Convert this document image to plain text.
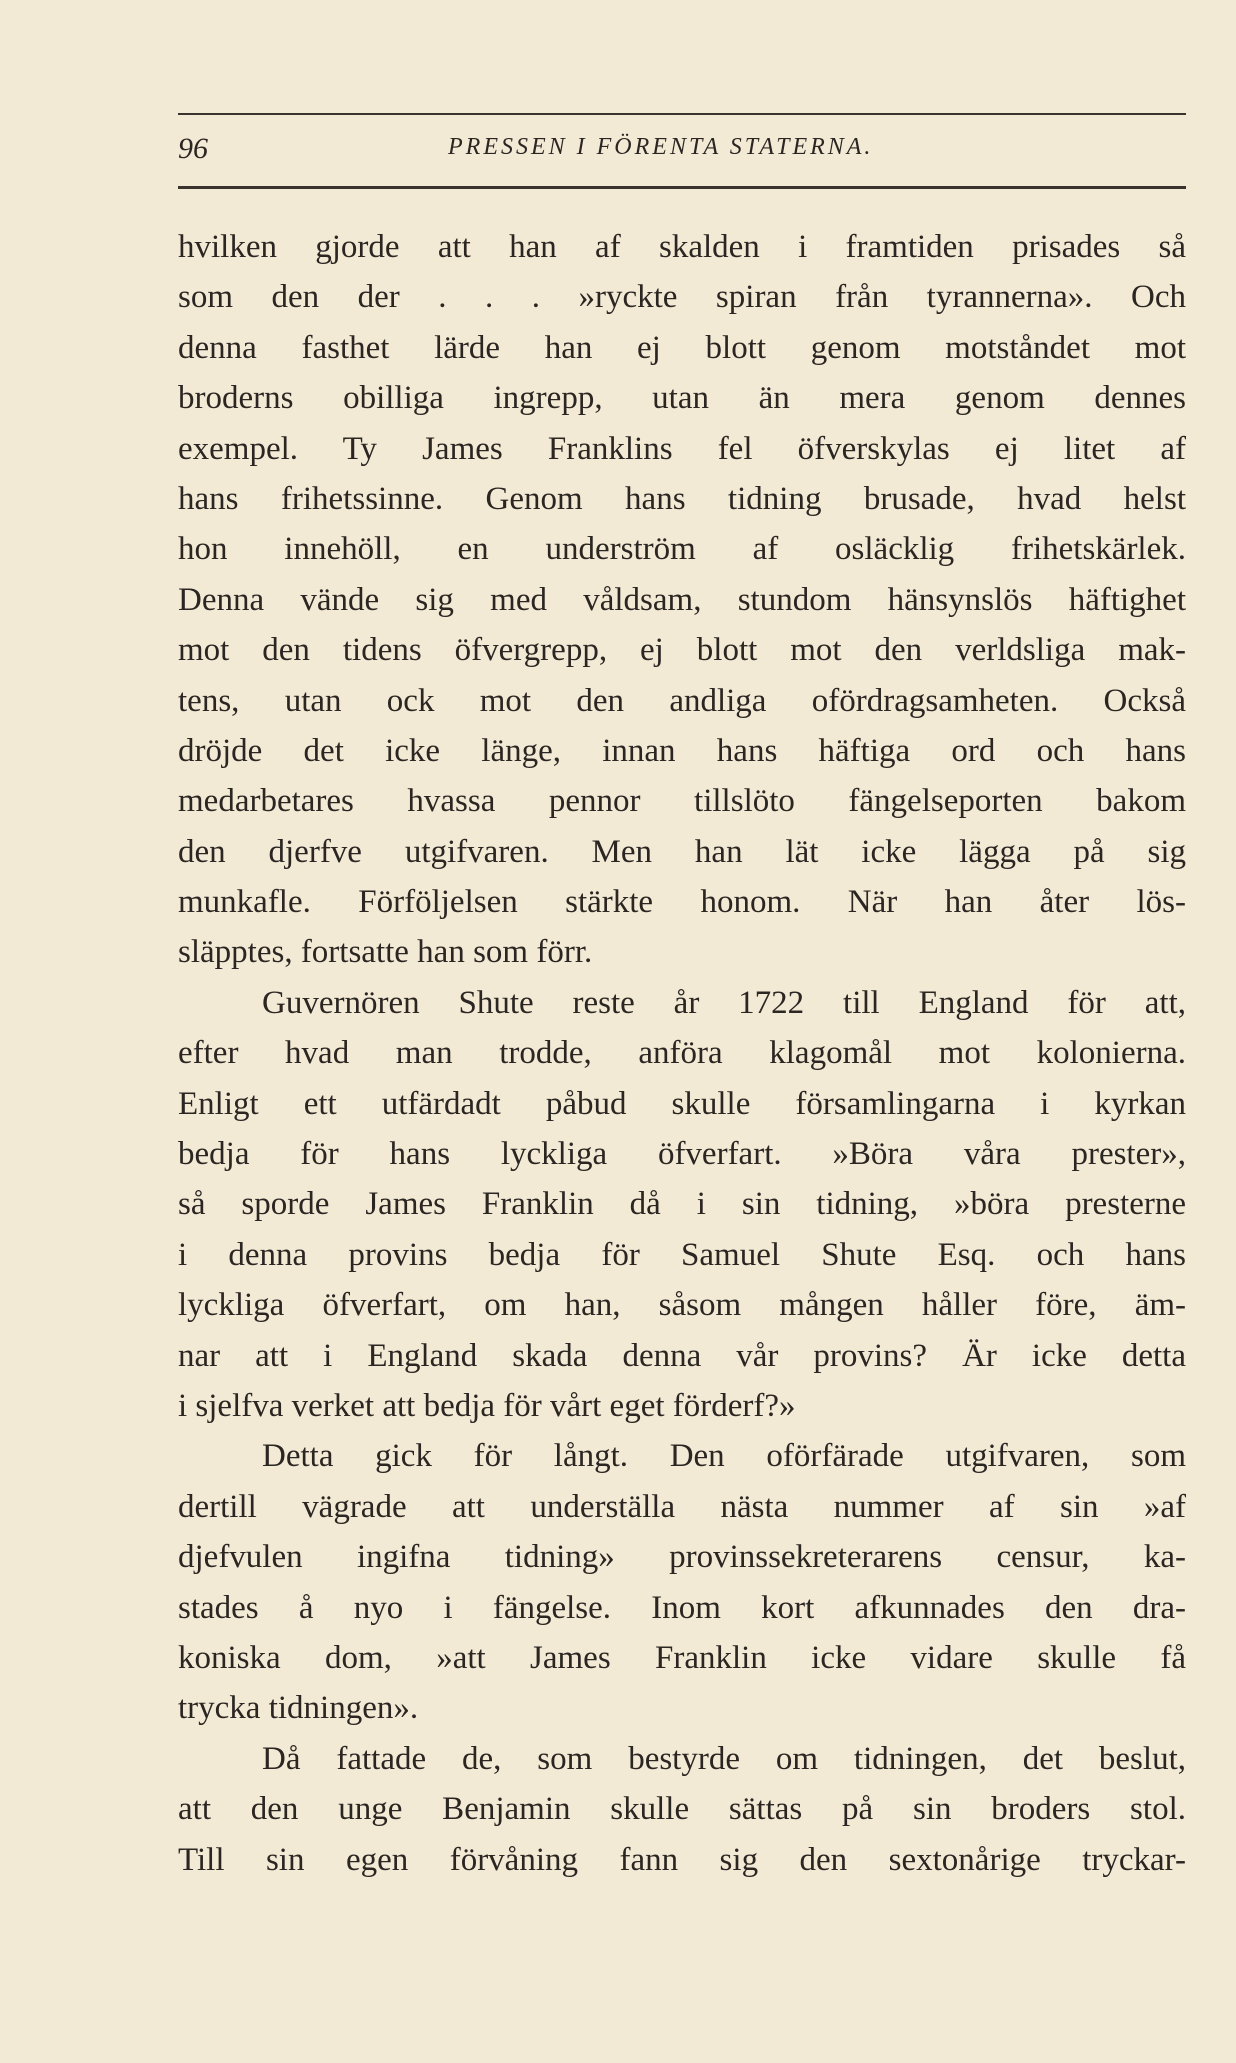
96	PRESSEN I FÖRENTA STATERNA.
hvilken gjorde att han af skalden i framtiden prisades så
som den der . . . »ryckte spiran från tyrannerna». Och
denna fasthet lärde han ej blott genom motståndet mot
broderns obilliga ingrepp, utan än mera genom dennes
exempel. Ty James Franklins fel öfverskylas ej litet af
hans frihetssinne. Genom hans tidning brusade, hvad helst
hon innehöll, en underström af osläcklig frihetskärlek.
Denna vände sig med våldsam, stundom hänsynslös häftighet
mot den tidens öfvergrepp, ej blott mot den verldsliga mak-
tens, utan ock mot den andliga ofördragsamheten. Också
dröjde det icke länge, innan hans häftiga ord och hans
medarbetares hvassa pennor tillslöto fängelseporten bakom
den djerfve utgifvaren. Men han lät icke lägga på sig
munkafle. Förföljelsen stärkte honom. När han åter lös-
släpptes, fortsatte han som förr.
Guvernören Shute reste år 1722 till England för att,
efter hvad man trodde, anföra klagomål mot kolonierna.
Enligt ett utfärdadt påbud skulle församlingarna i kyrkan
bedja för hans lyckliga öfverfart. »Böra våra prester»,
så sporde James Franklin då i sin tidning, »böra presterne
i denna provins bedja för Samuel Shute Esq. och hans
lyckliga öfverfart, om han, såsom mången håller före, äm-
nar att i England skada denna vår provins? Är icke detta
i sjelfva verket att bedja för vårt eget förderf?»
Detta gick för långt. Den oförfärade utgifvaren, som
dertill vägrade att underställa nästa nummer af sin »af
djefvulen ingifna tidning» provinssekreterarens censur, ka-
stades å nyo i fängelse. Inom kort afkunnades den dra-
koniska dom, »att James Franklin icke vidare skulle få
trycka tidningen».
Då fattade de, som bestyrde om tidningen, det beslut,
att den unge Benjamin skulle sättas på sin broders stol.
Till sin egen förvåning fann sig den sextonårige tryckar-
